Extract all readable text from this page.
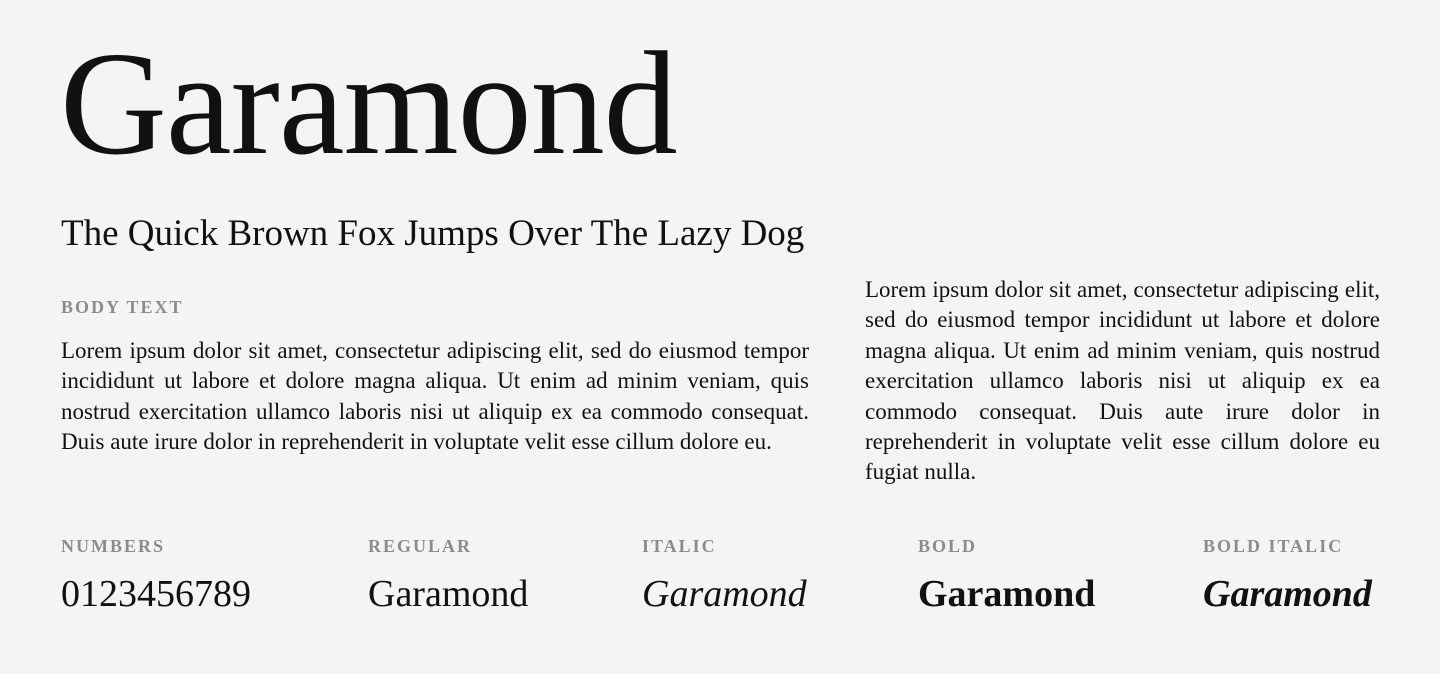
Garamond
The Quick Brown Fox Jumps Over The Lazy Dog
BODY TEXT

Lorem ipsum dolor sit amet, consectetur adipiscing elit, sed do eiusmod tempor incididunt ut labore et dolore magna aliqua. Ut enim ad minim veniam, quis nostrud exercitation ullamco laboris nisi ut aliquip ex ea commodo consequat. Duis aute irure dolor in reprehenderit in voluptate velit esse cillum dolore eu.

Lorem ipsum dolor sit amet, consectetur adipiscing elit, sed do eiusmod tempor incididunt ut labore et dolore magna aliqua. Ut enim ad minim veniam, quis nostrud exercitation ullamco laboris nisi ut aliquip ex ea commodo consequat. Duis aute irure dolor in reprehenderit in voluptate velit esse cillum dolore eu fugiat nulla.

NUMBERS
0123456789
REGULAR
Garamond
ITALIC
Garamond
BOLD
Garamond
BOLD ITALIC
Garamond
